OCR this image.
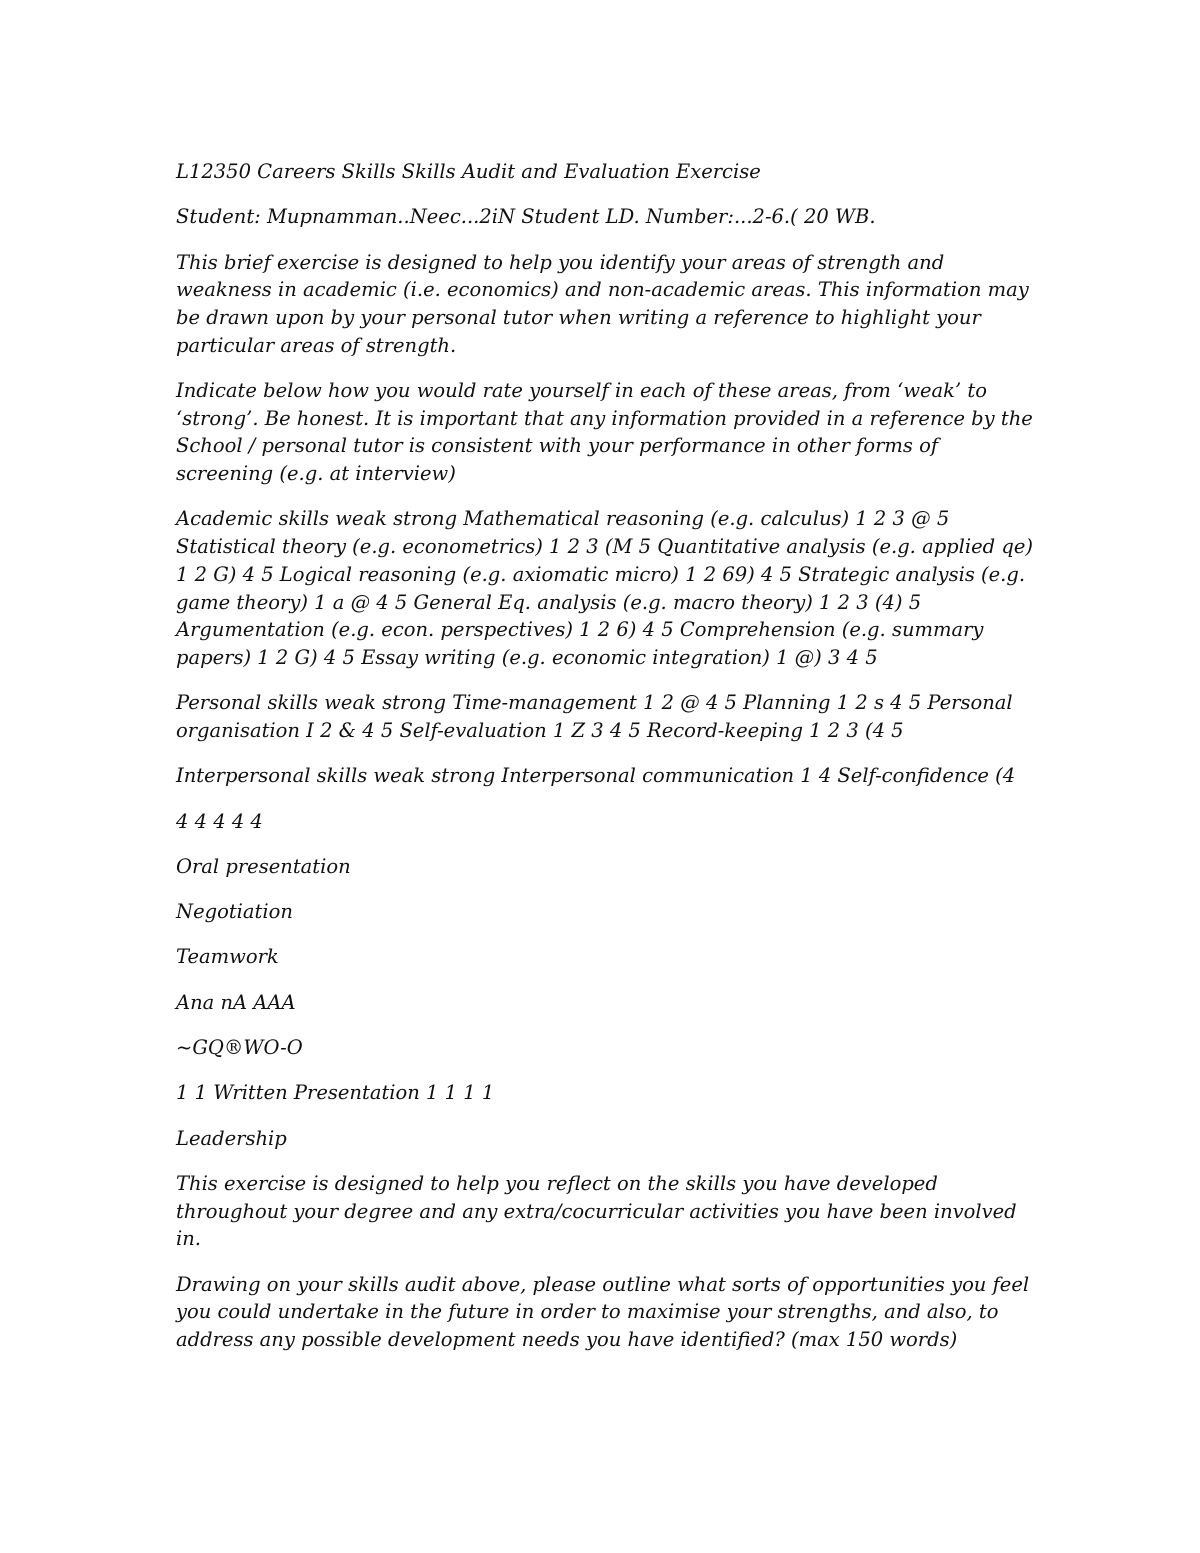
L12350 Careers Skills Skills Audit and Evaluation Exercise

Student: Mupnamman..Neec...2iN Student LD. Number:...2-6.( 20 WB.

This brief exercise is designed to help you identify your areas of strength and weakness in academic (i.e. economics) and non-academic areas. This information may be drawn upon by your personal tutor when writing a reference to highlight your particular areas of strength.

Indicate below how you would rate yourself in each of these areas, from ‘weak’ to ‘strong’. Be honest. It is important that any information provided in a reference by the School / personal tutor is consistent with your performance in other forms of screening (e.g. at interview)

Academic skills weak strong Mathematical reasoning (e.g. calculus) 1 2 3 @ 5 Statistical theory (e.g. econometrics) 1 2 3 (M 5 Quantitative analysis (e.g. applied qe) 1 2 G) 4 5 Logical reasoning (e.g. axiomatic micro) 1 2 69) 4 5 Strategic analysis (e.g. game theory) 1 a @ 4 5 General Eq. analysis (e.g. macro theory) 1 2 3 (4) 5 Argumentation (e.g. econ. perspectives) 1 2 6) 4 5 Comprehension (e.g. summary papers) 1 2 G) 4 5 Essay writing (e.g. economic integration) 1 @) 3 4 5

Personal skills weak strong Time-management 1 2 @ 4 5 Planning 1 2 s 4 5 Personal organisation I 2 & 4 5 Self-evaluation 1 Z 3 4 5 Record-keeping 1 2 3 (4 5

Interpersonal skills weak strong Interpersonal communication 1 4 Self-confidence (4

4 4 4 4 4

Oral presentation

Negotiation

Teamwork

Ana nA AAA

~GQ®WO-O

1 1 Written Presentation 1 1 1 1

Leadership

This exercise is designed to help you reflect on the skills you have developed throughout your degree and any extra/cocurricular activities you have been involved in.

Drawing on your skills audit above, please outline what sorts of opportunities you feel you could undertake in the future in order to maximise your strengths, and also, to address any possible development needs you have identified? (max 150 words)
